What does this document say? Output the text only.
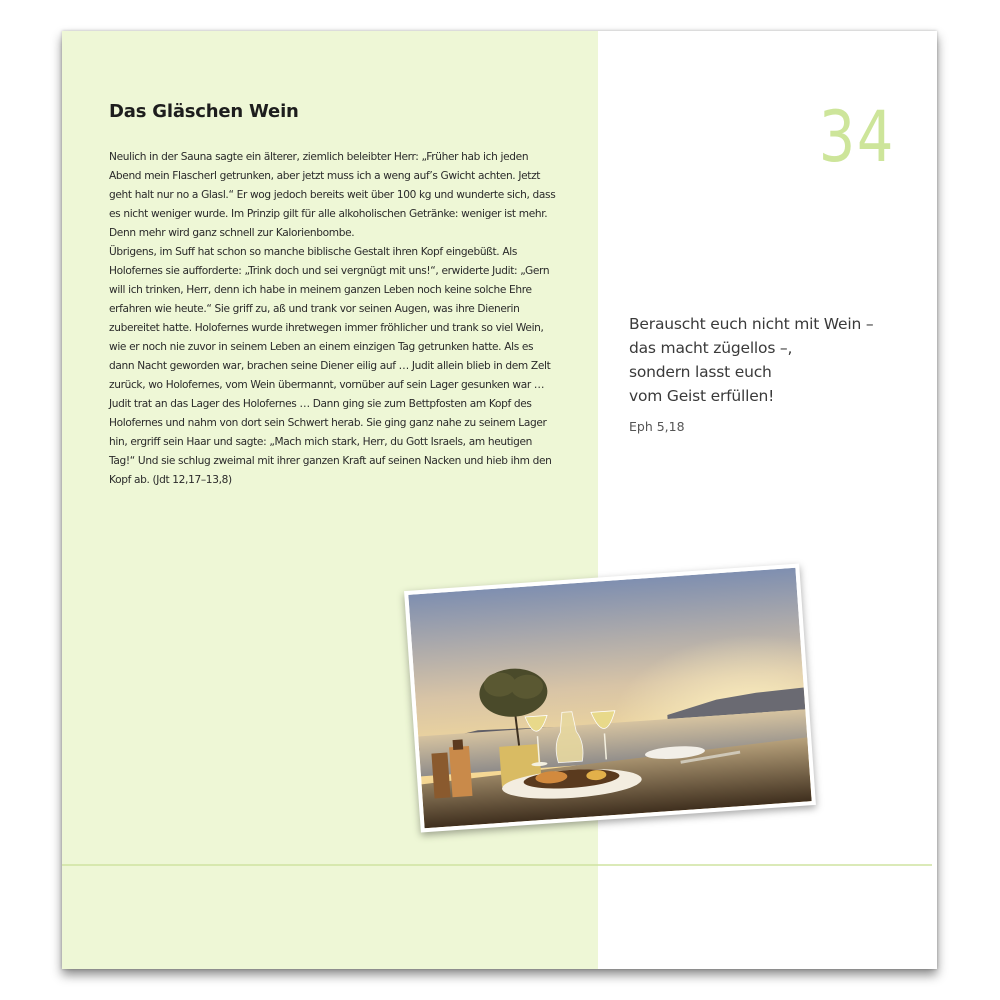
Das Gläschen Wein

Neulich in der Sauna sagte ein älterer, ziemlich beleibter Herr: „Früher hab ich jeden Abend mein Flascherl getrunken, aber jetzt muss ich a weng auf’s Gwicht achten. Jetzt geht halt nur no a Glasl.“ Er wog jedoch bereits weit über 100 kg und wunderte sich, dass es nicht weniger wurde. Im Prinzip gilt für alle alkoholischen Getränke: weniger ist mehr. Denn mehr wird ganz schnell zur Kalorienbombe.

Übrigens, im Suff hat schon so manche biblische Gestalt ihren Kopf eingebüßt. Als Holofernes sie aufforderte: „Trink doch und sei vergnügt mit uns!“, erwiderte Judit: „Gern will ich trinken, Herr, denn ich habe in meinem ganzen Leben noch keine solche Ehre erfahren wie heute.“ Sie griff zu, aß und trank vor seinen Augen, was ihre Dienerin zubereitet hatte. Holofernes wurde ihretwegen immer fröhlicher und trank so viel Wein, wie er noch nie zuvor in seinem Leben an einem einzigen Tag getrunken hatte. Als es dann Nacht geworden war, brachen seine Diener eilig auf … Judit allein blieb in dem Zelt zurück, wo Holofernes, vom Wein übermannt, vornüber auf sein Lager gesunken war … Judit trat an das Lager des Holofernes … Dann ging sie zum Bettpfosten am Kopf des Holofernes und nahm von dort sein Schwert herab. Sie ging ganz nahe zu seinem Lager hin, ergriff sein Haar und sagte: „Mach mich stark, Herr, du Gott Israels, am heutigen Tag!“ Und sie schlug zweimal mit ihrer ganzen Kraft auf seinen Nacken und hieb ihm den Kopf ab. (Jdt 12,17–13,8)

34

Berauscht euch nicht mit Wein –

das macht zügellos –,

sondern lasst euch

vom Geist erfüllen!

Eph 5,18
